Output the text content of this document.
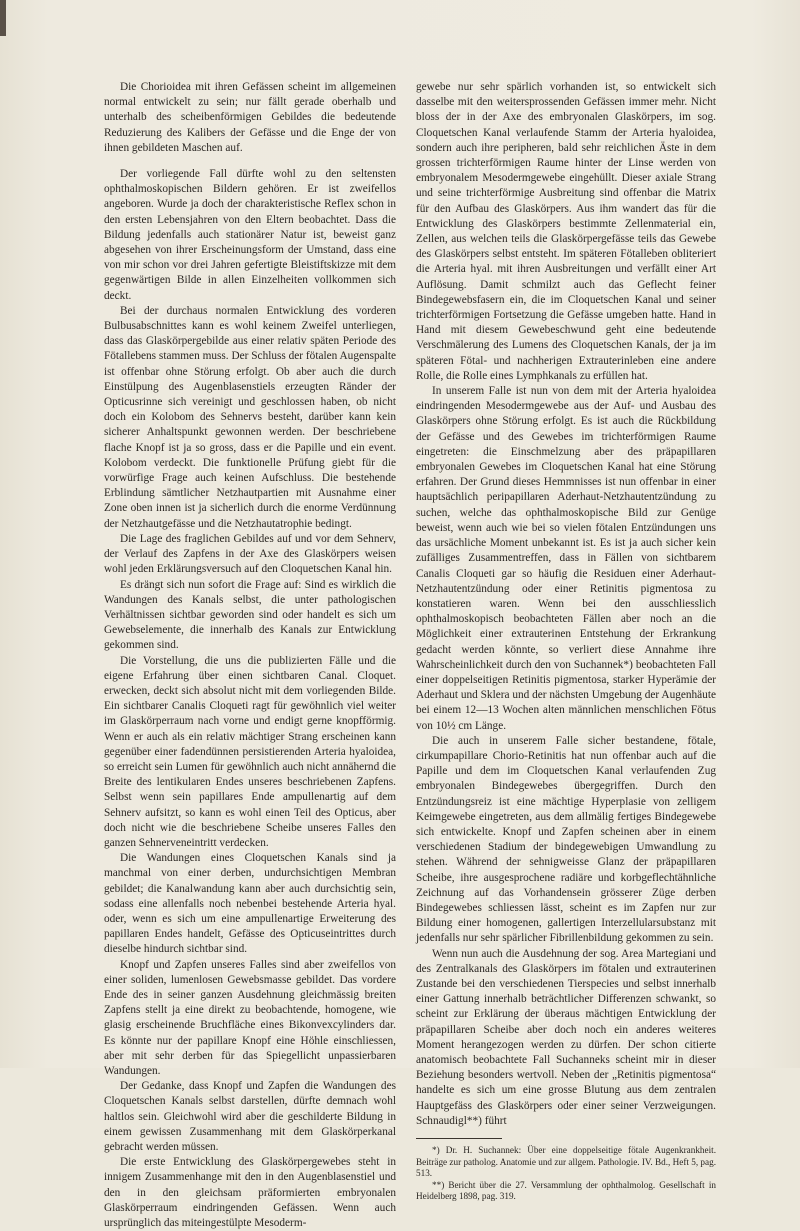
Die Chorioidea mit ihren Gefässen scheint im allgemeinen normal entwickelt zu sein; nur fällt gerade oberhalb und unterhalb des scheibenförmigen Gebildes die bedeutende Reduzierung des Kalibers der Gefässe und die Enge der von ihnen gebildeten Maschen auf.

Der vorliegende Fall dürfte wohl zu den seltensten ophthalmoskopischen Bildern gehören. Er ist zweifellos angeboren. Wurde ja doch der charakteristische Reflex schon in den ersten Lebensjahren von den Eltern beobachtet. Dass die Bildung jedenfalls auch stationärer Natur ist, beweist ganz abgesehen von ihrer Erscheinungsform der Umstand, dass eine von mir schon vor drei Jahren gefertigte Bleistiftskizze mit dem gegenwärtigen Bilde in allen Einzelheiten vollkommen sich deckt.

Bei der durchaus normalen Entwicklung des vorderen Bulbusabschnittes kann es wohl keinem Zweifel unterliegen, dass das Glaskörpergebilde aus einer relativ späten Periode des Fötallebens stammen muss. Der Schluss der fötalen Augenspalte ist offenbar ohne Störung erfolgt. Ob aber auch die durch Einstülpung des Augenblasenstiels erzeugten Ränder der Opticusrinne sich vereinigt und geschlossen haben, ob nicht doch ein Kolobom des Sehnervs besteht, darüber kann kein sicherer Anhaltspunkt gewonnen werden. Der beschriebene flache Knopf ist ja so gross, dass er die Papille und ein event. Kolobom verdeckt. Die funktionelle Prüfung giebt für die vorwürfige Frage auch keinen Aufschluss. Die bestehende Erblindung sämtlicher Netzhautpartien mit Ausnahme einer Zone oben innen ist ja sicherlich durch die enorme Verdünnung der Netzhautgefässe und die Netzhautatrophie bedingt.

Die Lage des fraglichen Gebildes auf und vor dem Sehnerv, der Verlauf des Zapfens in der Axe des Glaskörpers weisen wohl jeden Erklärungsversuch auf den Cloquetschen Kanal hin.

Es drängt sich nun sofort die Frage auf: Sind es wirklich die Wandungen des Kanals selbst, die unter pathologischen Verhältnissen sichtbar geworden sind oder handelt es sich um Gewebselemente, die innerhalb des Kanals zur Entwicklung gekommen sind.

Die Vorstellung, die uns die publizierten Fälle und die eigene Erfahrung über einen sichtbaren Canal. Cloquet. erwecken, deckt sich absolut nicht mit dem vorliegenden Bilde. Ein sichtbarer Canalis Cloqueti ragt für gewöhnlich viel weiter im Glaskörperraum nach vorne und endigt gerne knopfförmig. Wenn er auch als ein relativ mächtiger Strang erscheinen kann gegenüber einer fadendünnen persistierenden Arteria hyaloidea, so erreicht sein Lumen für gewöhnlich auch nicht annähernd die Breite des lentikularen Endes unseres beschriebenen Zapfens. Selbst wenn sein papillares Ende ampullenartig auf dem Sehnerv aufsitzt, so kann es wohl einen Teil des Opticus, aber doch nicht wie die beschriebene Scheibe unseres Falles den ganzen Sehnerveneintritt verdecken.

Die Wandungen eines Cloquetschen Kanals sind ja manchmal von einer derben, undurchsichtigen Membran gebildet; die Kanalwandung kann aber auch durchsichtig sein, sodass eine allenfalls noch nebenbei bestehende Arteria hyal. oder, wenn es sich um eine ampullenartige Erweiterung des papillaren Endes handelt, Gefässe des Opticuseintrittes durch dieselbe hindurch sichtbar sind.

Knopf und Zapfen unseres Falles sind aber zweifellos von einer soliden, lumenlosen Gewebsmasse gebildet. Das vordere Ende des in seiner ganzen Ausdehnung gleichmässig breiten Zapfens stellt ja eine direkt zu beobachtende, homogene, wie glasig erscheinende Bruchfläche eines Bikonvexcylinders dar. Es könnte nur der papillare Knopf eine Höhle einschliessen, aber mit sehr derben für das Spiegellicht unpassierbaren Wandungen.

Der Gedanke, dass Knopf und Zapfen die Wandungen des Cloquetschen Kanals selbst darstellen, dürfte demnach wohl haltlos sein. Gleichwohl wird aber die geschilderte Bildung in einem gewissen Zusammenhang mit dem Glaskörperkanal gebracht werden müssen.

Die erste Entwicklung des Glaskörpergewebes steht in innigem Zusammenhange mit den in den Augenblasenstiel und den in den gleichsam präformierten embryonalen Glaskörperraum eindringenden Gefässen. Wenn auch ursprünglich das miteingestülpte Mesoderm-

gewebe nur sehr spärlich vorhanden ist, so entwickelt sich dasselbe mit den weitersprossenden Gefässen immer mehr. Nicht bloss der in der Axe des embryonalen Glaskörpers, im sog. Cloquetschen Kanal verlaufende Stamm der Arteria hyaloidea, sondern auch ihre peripheren, bald sehr reichlichen Äste in dem grossen trichterförmigen Raume hinter der Linse werden von embryonalem Mesodermgewebe eingehüllt. Dieser axiale Strang und seine trichterförmige Ausbreitung sind offenbar die Matrix für den Aufbau des Glaskörpers. Aus ihm wandert das für die Entwicklung des Glaskörpers bestimmte Zellenmaterial ein, Zellen, aus welchen teils die Glaskörpergefässe teils das Gewebe des Glaskörpers selbst entsteht. Im späteren Fötalleben obliteriert die Arteria hyal. mit ihren Ausbreitungen und verfällt einer Art Auflösung. Damit schmilzt auch das Geflecht feiner Bindegewebsfasern ein, die im Cloquetschen Kanal und seiner trichterförmigen Fortsetzung die Gefässe umgeben hatte. Hand in Hand mit diesem Gewebeschwund geht eine bedeutende Verschmälerung des Lumens des Cloquetschen Kanals, der ja im späteren Fötal- und nachherigen Extrauterinleben eine andere Rolle, die Rolle eines Lymphkanals zu erfüllen hat.

In unserem Falle ist nun von dem mit der Arteria hyaloidea eindringenden Mesodermgewebe aus der Auf- und Ausbau des Glaskörpers ohne Störung erfolgt. Es ist auch die Rückbildung der Gefässe und des Gewebes im trichterförmigen Raume eingetreten: die Einschmelzung aber des präpapillaren embryonalen Gewebes im Cloquetschen Kanal hat eine Störung erfahren. Der Grund dieses Hemmnisses ist nun offenbar in einer hauptsächlich peripapillaren Aderhaut-Netzhautentzündung zu suchen, welche das ophthalmoskopische Bild zur Genüge beweist, wenn auch wie bei so vielen fötalen Entzündungen uns das ursächliche Moment unbekannt ist. Es ist ja auch sicher kein zufälliges Zusammentreffen, dass in Fällen von sichtbarem Canalis Cloqueti gar so häufig die Residuen einer Aderhaut- Netzhautentzündung oder einer Retinitis pigmentosa zu konstatieren waren. Wenn bei den ausschliesslich ophthalmoskopisch beobachteten Fällen aber noch an die Möglichkeit einer extrauterinen Entstehung der Erkrankung gedacht werden könnte, so verliert diese Annahme ihre Wahrscheinlichkeit durch den von Suchannek*) beobachteten Fall einer doppelseitigen Retinitis pigmentosa, starker Hyperämie der Aderhaut und Sklera und der nächsten Umgebung der Augenhäute bei einem 12—13 Wochen alten männlichen menschlichen Fötus von 10½ cm Länge.

Die auch in unserem Falle sicher bestandene, fötale, cirkumpapillare Chorio-Retinitis hat nun offenbar auch auf die Papille und dem im Cloquetschen Kanal verlaufenden Zug embryonalen Bindegewebes übergegriffen. Durch den Entzündungsreiz ist eine mächtige Hyperplasie von zelligem Keimgewebe eingetreten, aus dem allmälig fertiges Bindegewebe sich entwickelte. Knopf und Zapfen scheinen aber in einem verschiedenen Stadium der bindegewebigen Umwandlung zu stehen. Während der sehnigweisse Glanz der präpapillaren Scheibe, ihre ausgesprochene radiäre und korbgeflechtähnliche Zeichnung auf das Vorhandensein grösserer Züge derben Bindegewebes schliessen lässt, scheint es im Zapfen nur zur Bildung einer homogenen, gallertigen Interzellularsubstanz mit jedenfalls nur sehr spärlicher Fibrillenbildung gekommen zu sein.

Wenn nun auch die Ausdehnung der sog. Area Martegiani und des Zentralkanals des Glaskörpers im fötalen und extrauterinen Zustande bei den verschiedenen Tierspecies und selbst innerhalb einer Gattung innerhalb beträchtlicher Differenzen schwankt, so scheint zur Erklärung der überaus mächtigen Entwicklung der präpapillaren Scheibe aber doch noch ein anderes weiteres Moment herangezogen werden zu dürfen. Der schon citierte anatomisch beobachtete Fall Suchanneks scheint mir in dieser Beziehung besonders wertvoll. Neben der „Retinitis pigmentosa“ handelte es sich um eine grosse Blutung aus dem zentralen Hauptgefäss des Glaskörpers oder einer seiner Verzweigungen. Schnaudigl**) führt

*) Dr. H. Suchannek: Über eine doppelseitige fötale Augenkrankheit. Beiträge zur patholog. Anatomie und zur allgem. Pathologie. IV. Bd., Heft 5, pag. 513.

**) Bericht über die 27. Versammlung der ophthalmolog. Gesellschaft in Heidelberg 1898, pag. 319.
